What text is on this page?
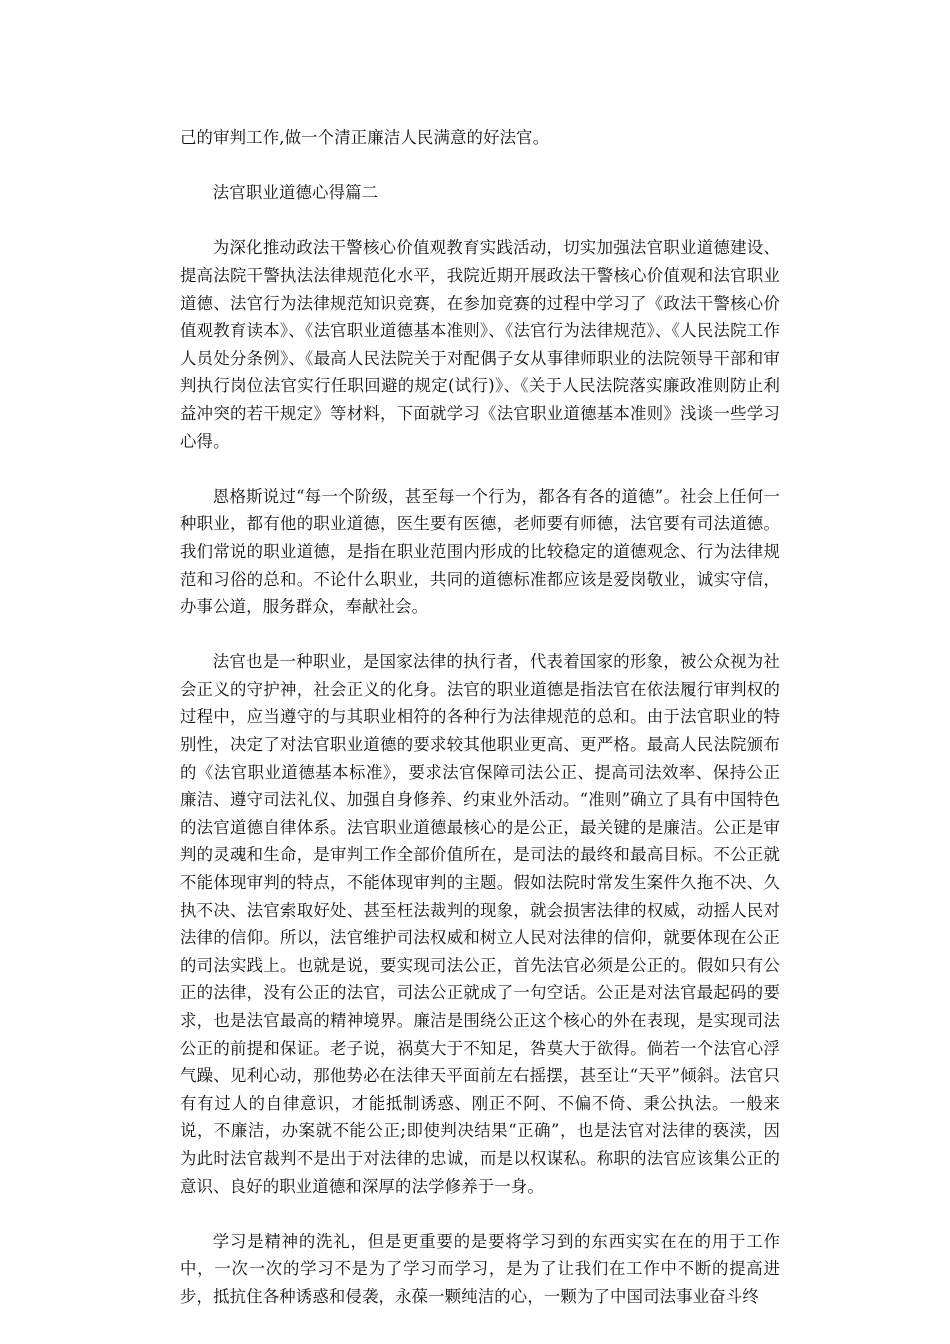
己的审判工作,做一个清正廉洁人民满意的好法官。

法官职业道德心得篇二

为深化推动政法干警核心价值观教育实践活动，切实加强法官职业道德建设、提高法院干警执法法律规范化水平，我院近期开展政法干警核心价值观和法官职业道德、法官行为法律规范知识竞赛，在参加竞赛的过程中学习了《政法干警核心价值观教育读本》、《法官职业道德基本准则》、《法官行为法律规范》、《人民法院工作人员处分条例》、《最高人民法院关于对配偶子女从事律师职业的法院领导干部和审判执行岗位法官实行任职回避的规定(试行)》、《关于人民法院落实廉政准则防止利益冲突的若干规定》等材料，下面就学习《法官职业道德基本准则》浅谈一些学习心得。

恩格斯说过“每一个阶级，甚至每一个行为，都各有各的道德”。社会上任何一种职业，都有他的职业道德，医生要有医德，老师要有师德，法官要有司法道德。我们常说的职业道德，是指在职业范围内形成的比较稳定的道德观念、行为法律规范和习俗的总和。不论什么职业，共同的道德标准都应该是爱岗敬业，诚实守信，办事公道，服务群众，奉献社会。

法官也是一种职业，是国家法律的执行者，代表着国家的形象，被公众视为社会正义的守护神，社会正义的化身。法官的职业道德是指法官在依法履行审判权的过程中，应当遵守的与其职业相符的各种行为法律规范的总和。由于法官职业的特别性，决定了对法官职业道德的要求较其他职业更高、更严格。最高人民法院颁布的《法官职业道德基本标准》，要求法官保障司法公正、提高司法效率、保持公正廉洁、遵守司法礼仪、加强自身修养、约束业外活动。“准则”确立了具有中国特色的法官道德自律体系。法官职业道德最核心的是公正，最关键的是廉洁。公正是审判的灵魂和生命，是审判工作全部价值所在，是司法的最终和最高目标。不公正就不能体现审判的特点，不能体现审判的主题。假如法院时常发生案件久拖不决、久执不决、法官索取好处、甚至枉法裁判的现象，就会损害法律的权威，动摇人民对法律的信仰。所以，法官维护司法权威和树立人民对法律的信仰，就要体现在公正的司法实践上。也就是说，要实现司法公正，首先法官必须是公正的。假如只有公正的法律，没有公正的法官，司法公正就成了一句空话。公正是对法官最起码的要求，也是法官最高的精神境界。廉洁是围绕公正这个核心的外在表现，是实现司法公正的前提和保证。老子说，祸莫大于不知足，咎莫大于欲得。倘若一个法官心浮气躁、见利心动，那他势必在法律天平面前左右摇摆，甚至让“天平”倾斜。法官只有有过人的自律意识，才能抵制诱惑、刚正不阿、不偏不倚、秉公执法。一般来说，不廉洁，办案就不能公正;即使判决结果“正确”，也是法官对法律的亵渎，因为此时法官裁判不是出于对法律的忠诚，而是以权谋私。称职的法官应该集公正的意识、良好的职业道德和深厚的法学修养于一身。

学习是精神的洗礼，但是更重要的是要将学习到的东西实实在在的用于工作中，一次一次的学习不是为了学习而学习，是为了让我们在工作中不断的提高进步，抵抗住各种诱惑和侵袭，永葆一颗纯洁的心，一颗为了中国司法事业奋斗终
